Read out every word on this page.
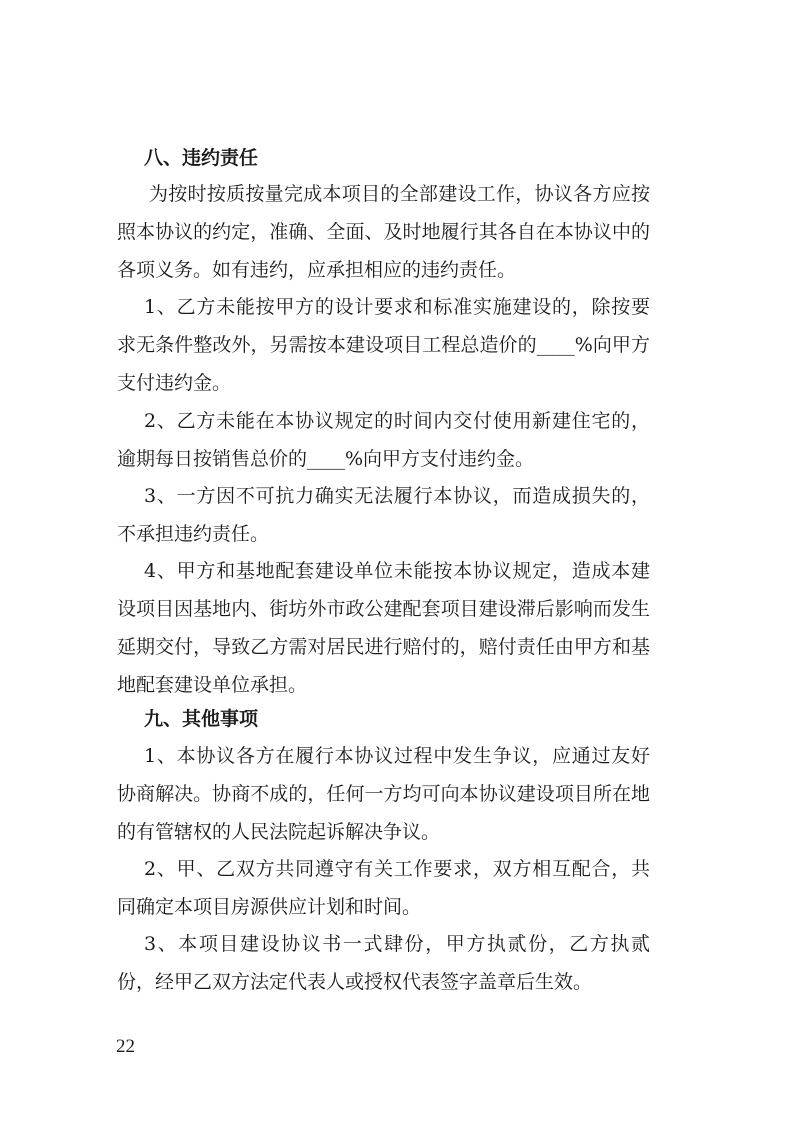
八、违约责任

为按时按质按量完成本项目的全部建设工作，协议各方应按照本协议的约定，准确、全面、及时地履行其各自在本协议中的各项义务。如有违约，应承担相应的违约责任。

1、乙方未能按甲方的设计要求和标准实施建设的，除按要求无条件整改外，另需按本建设项目工程总造价的____%向甲方支付违约金。

2、乙方未能在本协议规定的时间内交付使用新建住宅的，逾期每日按销售总价的____%向甲方支付违约金。

3、一方因不可抗力确实无法履行本协议，而造成损失的，不承担违约责任。

4、甲方和基地配套建设单位未能按本协议规定，造成本建设项目因基地内、街坊外市政公建配套项目建设滞后影响而发生延期交付，导致乙方需对居民进行赔付的，赔付责任由甲方和基地配套建设单位承担。

九、其他事项

1、本协议各方在履行本协议过程中发生争议，应通过友好协商解决。协商不成的，任何一方均可向本协议建设项目所在地的有管辖权的人民法院起诉解决争议。

2、甲、乙双方共同遵守有关工作要求，双方相互配合，共同确定本项目房源供应计划和时间。

3、本项目建设协议书一式肆份，甲方执贰份，乙方执贰份，经甲乙双方法定代表人或授权代表签字盖章后生效。

22
